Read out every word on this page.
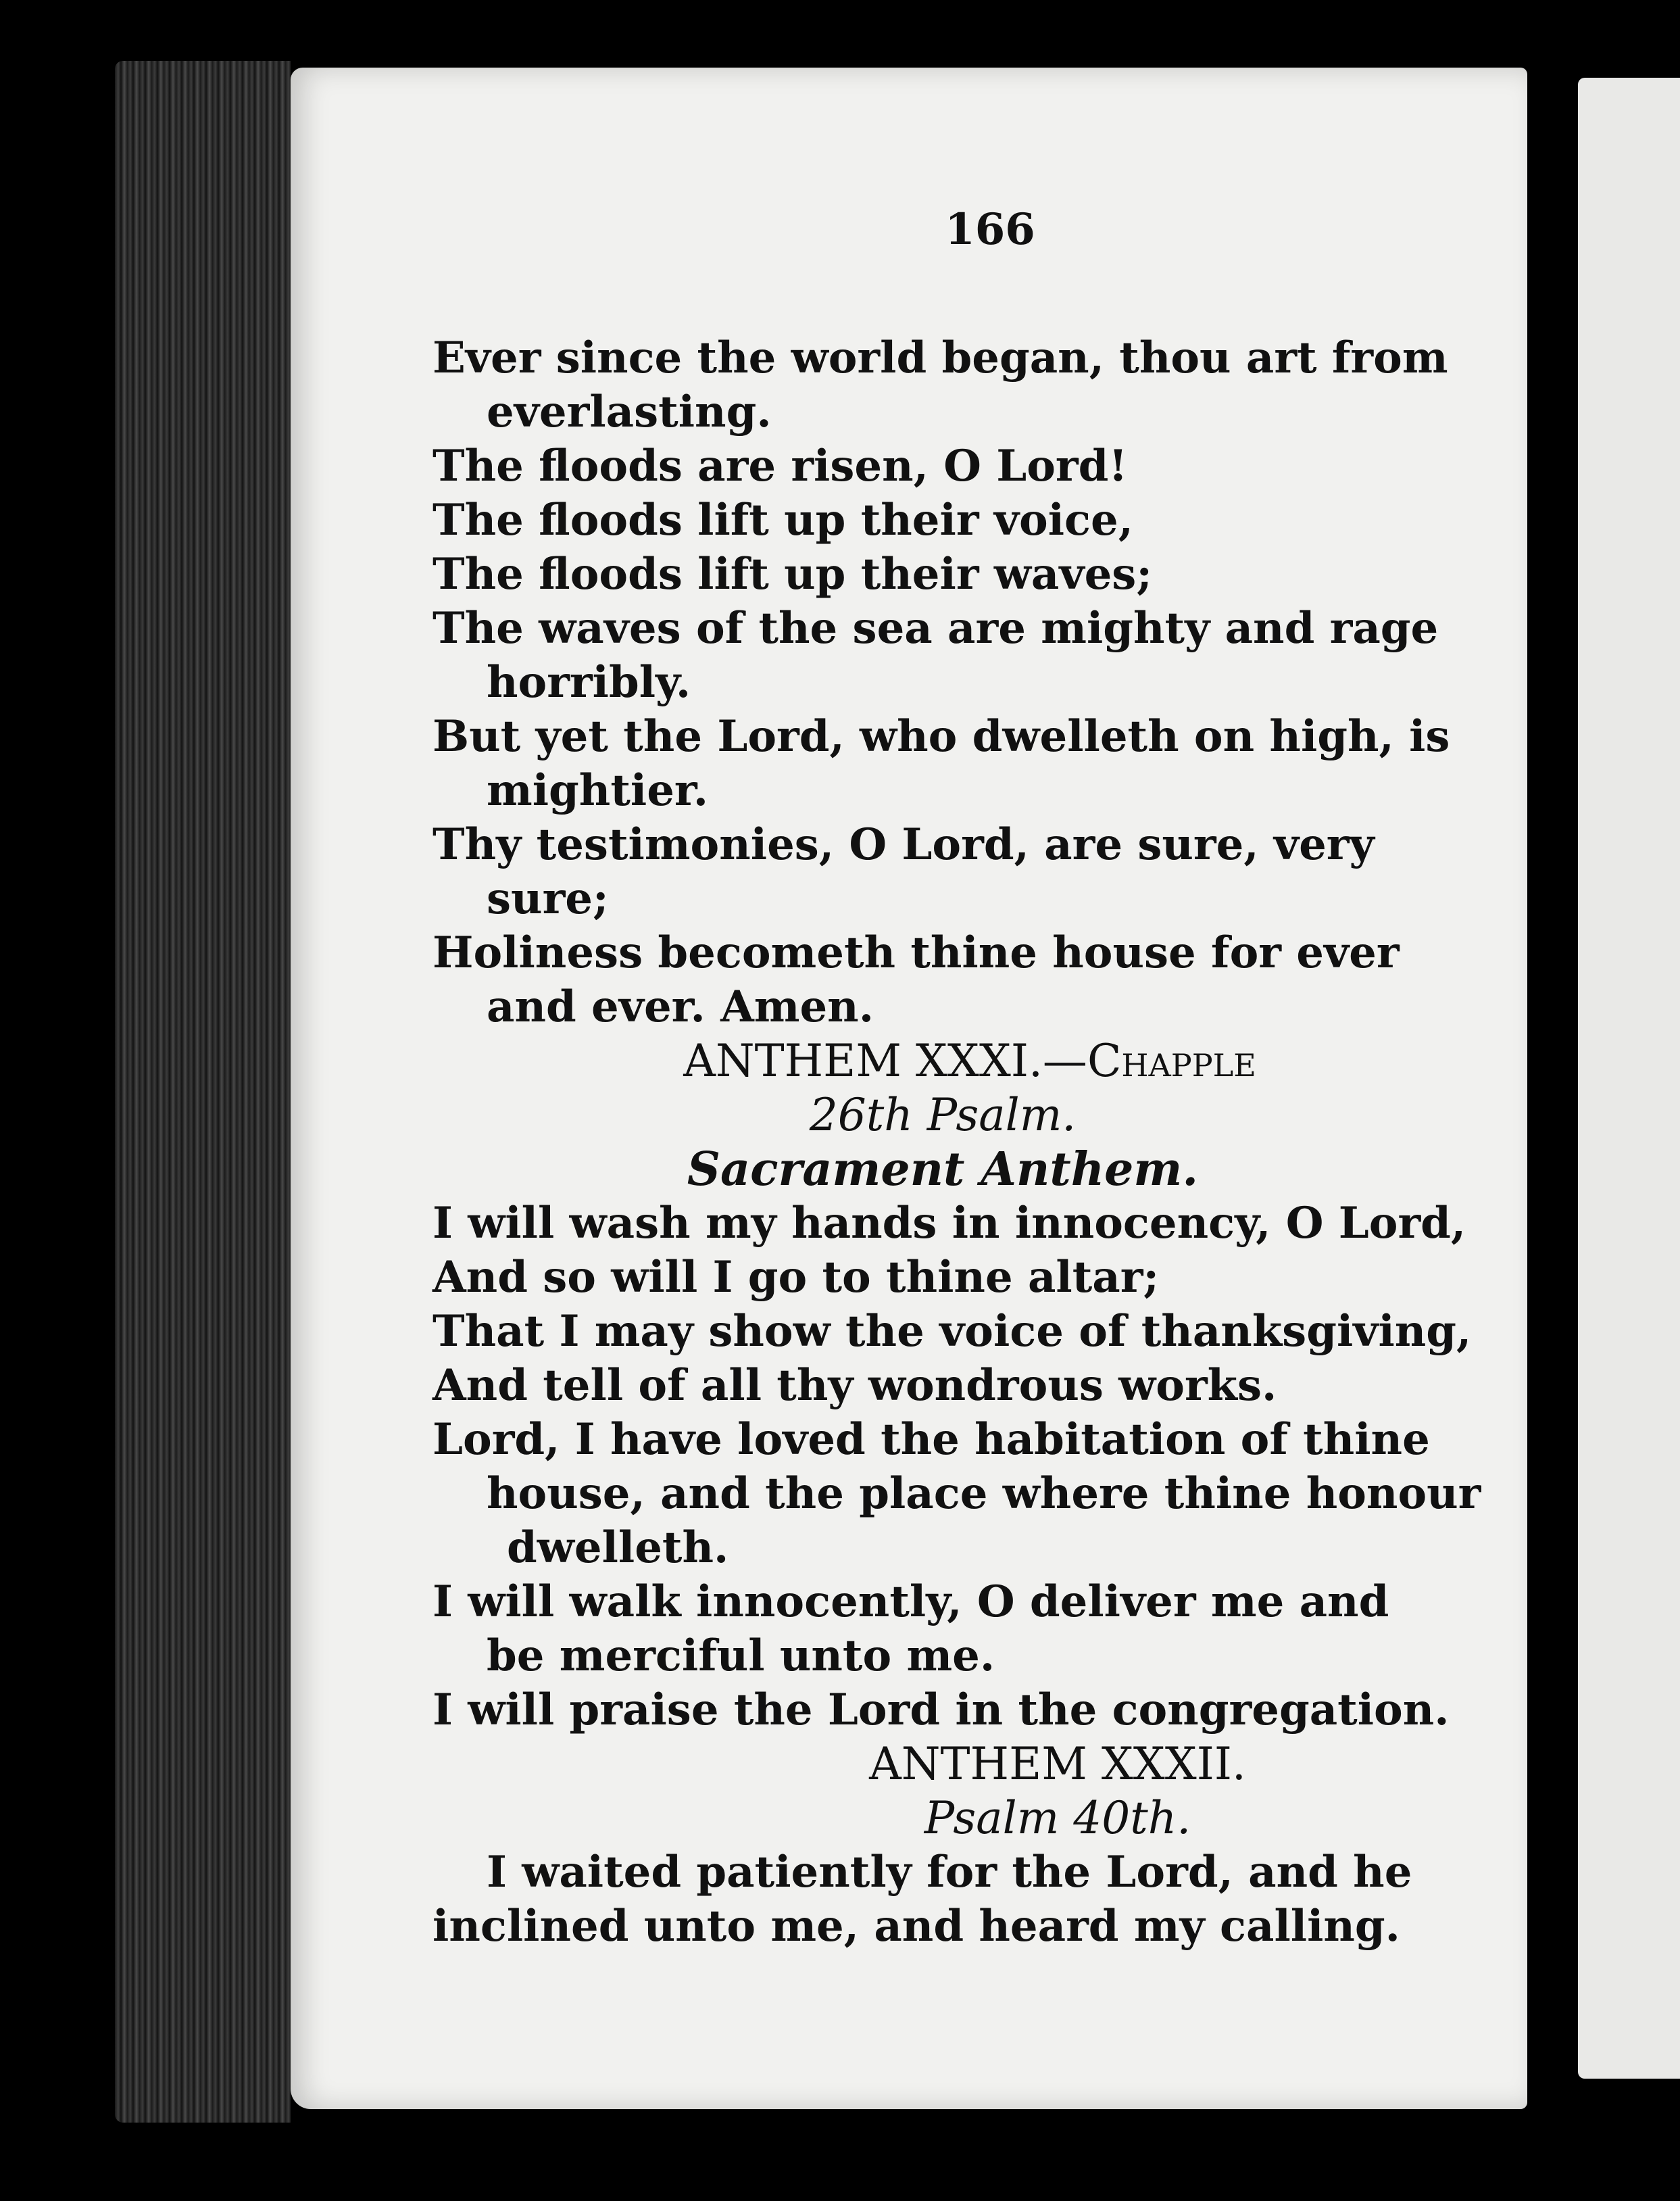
166
Ever since the world began, thou art from
everlasting.
The floods are risen, O Lord!
The floods lift up their voice,
The floods lift up their waves;
The waves of the sea are mighty and rage
horribly.
But yet the Lord, who dwelleth on high, is
mightier.
Thy testimonies, O Lord, are sure, very
sure;
Holiness becometh thine house for ever
and ever. Amen.
ANTHEM XXXI.—Chapple
26th Psalm.
Sacrament Anthem.
I will wash my hands in innocency, O Lord,
And so will I go to thine altar;
That I may show the voice of thanksgiving,
And tell of all thy wondrous works.
Lord, I have loved the habitation of thine
house, and the place where thine honour
dwelleth.
I will walk innocently, O deliver me and
be merciful unto me.
I will praise the Lord in the congregation.
ANTHEM XXXII.
Psalm 40th.
I waited patiently for the Lord, and he
inclined unto me, and heard my calling.
